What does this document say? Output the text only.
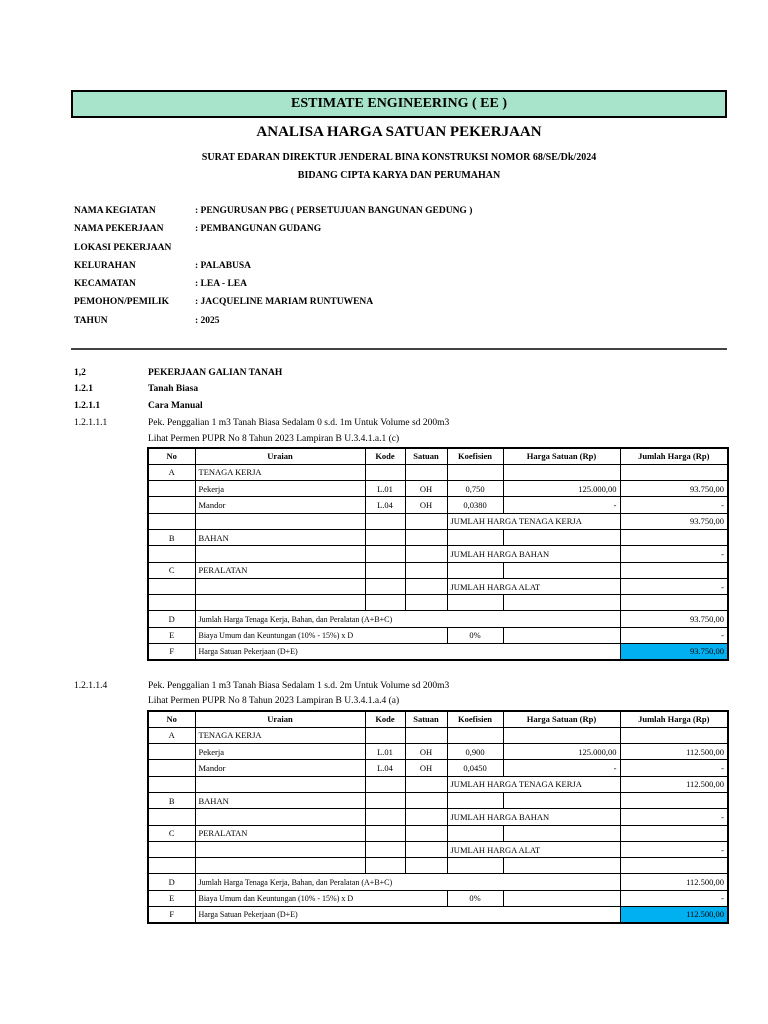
ESTIMATE ENGINEERING ( EE )
ANALISA HARGA SATUAN PEKERJAAN
SURAT EDARAN DIREKTUR JENDERAL BINA KONSTRUKSI NOMOR 68/SE/Dk/2024
BIDANG CIPTA KARYA DAN PERUMAHAN
NAMA KEGIATAN	: PENGURUSAN PBG ( PERSETUJUAN BANGUNAN GEDUNG )
NAMA PEKERJAAN	: PEMBANGUNAN GUDANG
LOKASI PEKERJAAN
KELURAHAN	: PALABUSA
KECAMATAN	: LEA - LEA
PEMOHON/PEMILIK	: JACQUELINE MARIAM RUNTUWENA
TAHUN	: 2025
1,2	PEKERJAAN GALIAN TANAH
1.2.1	Tanah Biasa
1.2.1.1	Cara Manual
1.2.1.1.1	Pek. Penggalian 1 m3 Tanah Biasa Sedalam 0 s.d. 1m Untuk Volume sd 200m3
Lihat Permen PUPR No 8 Tahun 2023 Lampiran B U.3.4.1.a.1 (c)
No	Uraian	Kode	Satuan	Koefisien	Harga Satuan (Rp)	Jumlah Harga (Rp)
A	TENAGA KERJA					
	Pekerja	L.01	OH	0,750	125.000,00	93.750,00
	Mandor	L.04	OH	0,0380	-	-
				JUMLAH HARGA TENAGA KERJA		93.750,00
B	BAHAN					
				JUMLAH HARGA BAHAN		-
C	PERALATAN					
				JUMLAH HARGA ALAT		-

D	Jumlah Harga Tenaga Kerja, Bahan, dan Peralatan (A+B+C)					93.750,00
E	Biaya Umum dan Keuntungan (10% - 15%) x D			0%		-
F	Harga Satuan Pekerjaan (D+E)					93.750,00
1.2.1.1.4	Pek. Penggalian 1 m3 Tanah Biasa Sedalam 1 s.d. 2m Untuk Volume sd 200m3
Lihat Permen PUPR No 8 Tahun 2023 Lampiran B U.3.4.1.a.4 (a)
No	Uraian	Kode	Satuan	Koefisien	Harga Satuan (Rp)	Jumlah Harga (Rp)
A	TENAGA KERJA					
	Pekerja	L.01	OH	0,900	125.000,00	112.500,00
	Mandor	L.04	OH	0,0450	-	-
				JUMLAH HARGA TENAGA KERJA		112.500,00
B	BAHAN					
				JUMLAH HARGA BAHAN		-
C	PERALATAN					
				JUMLAH HARGA ALAT		-

D	Jumlah Harga Tenaga Kerja, Bahan, dan Peralatan (A+B+C)					112.500,00
E	Biaya Umum dan Keuntungan (10% - 15%) x D			0%		-
F	Harga Satuan Pekerjaan (D+E)					112.500,00
